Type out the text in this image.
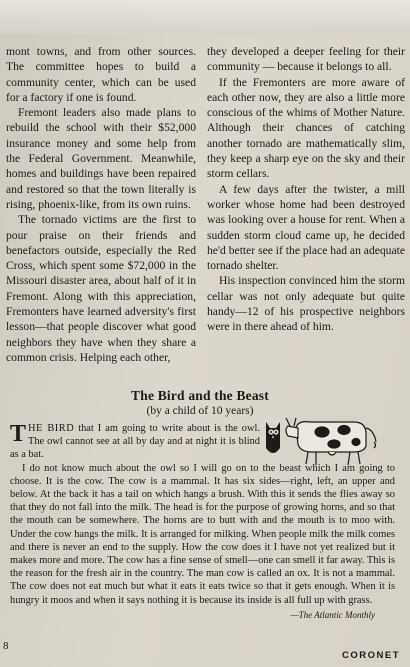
mont towns, and from other sources. The committee hopes to build a community center, which can be used for a factory if one is found.

Fremont leaders also made plans to rebuild the school with their $52,000 insurance money and some help from the Federal Government. Meanwhile, homes and buildings have been repaired and restored so that the town literally is rising, phoenix-like, from its own ruins.

The tornado victims are the first to pour praise on their friends and benefactors outside, especially the Red Cross, which spent some $72,000 in the Missouri disaster area, about half of it in Fremont. Along with this appreciation, Fremonters have learned adversity's first lesson—that people discover what good neighbors they have when they share a common crisis. Helping each other,

they developed a deeper feeling for their community — because it belongs to all.

If the Fremonters are more aware of each other now, they are also a little more conscious of the whims of Mother Nature. Although their chances of catching another tornado are mathematically slim, they keep a sharp eye on the sky and their storm cellars.

A few days after the twister, a mill worker whose home had been destroyed was looking over a house for rent. When a sudden storm cloud came up, he decided he'd better see if the place had an adequate tornado shelter.

His inspection convinced him the storm cellar was not only adequate but quite handy—12 of his prospective neighbors were in there ahead of him.

The Bird and the Beast
(by a child of 10 years)

THE BIRD that I am going to write about is the owl. The owl cannot see at all by day and at night it is blind as a bat.

I do not know much about the owl so I will go on to the beast which I am going to choose. It is the cow. The cow is a mammal. It has six sides—right, left, an upper and below. At the back it has a tail on which hangs a brush. With this it sends the flies away so that they do not fall into the milk. The head is for the purpose of growing horns, and so that the mouth can be somewhere. The horns are to butt with and the mouth is to moo with. Under the cow hangs the milk. It is arranged for milking. When people milk the milk comes and there is never an end to the supply. How the cow does it I have not yet realized but it makes more and more. The cow has a fine sense of smell—one can smell it far away. This is the reason for the fresh air in the country. The man cow is called an ox. It is not a mammal. The cow does not eat much but what it eats it eats twice so that it gets enough. When it is hungry it moos and when it says nothing it is because its inside is all full up with grass.

—The Atlantic Monthly
8
CORONET
